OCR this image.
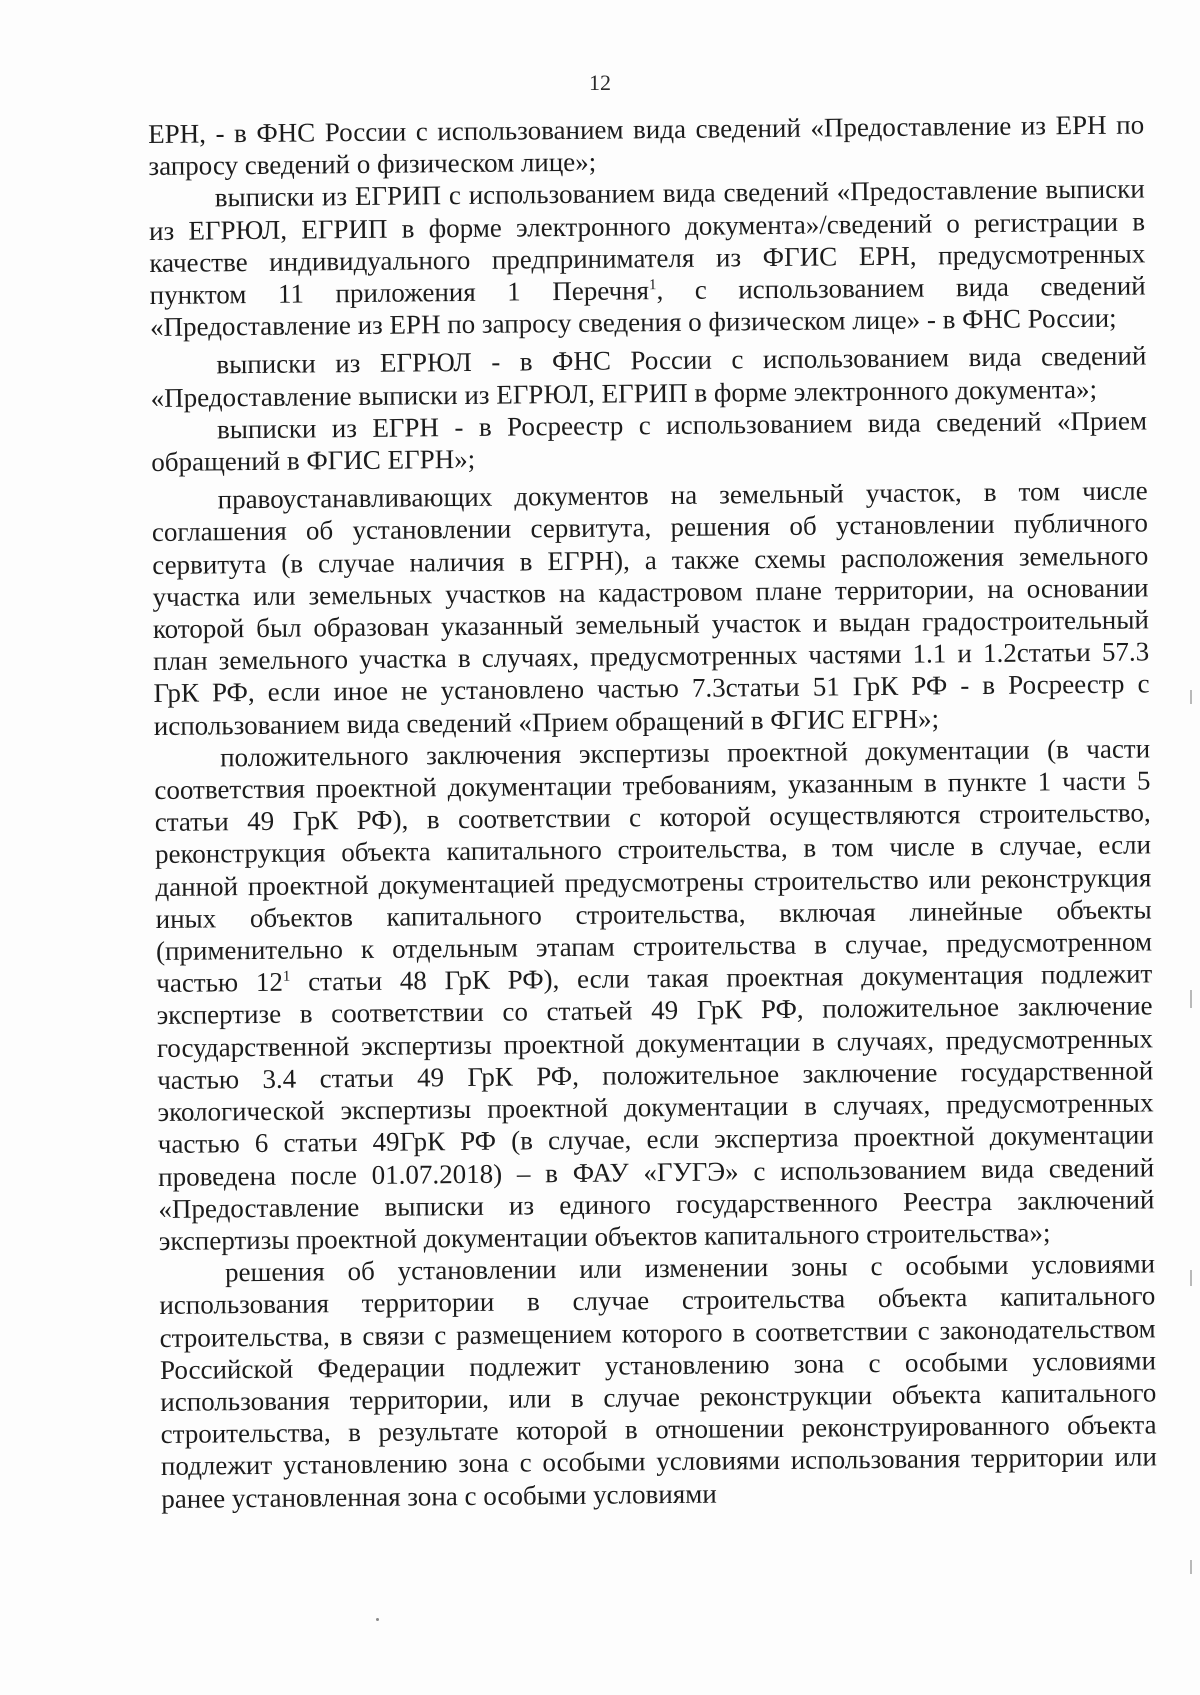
12

ЕРН, - в ФНС России с использованием вида сведений «Предоставление из ЕРН по запросу сведений о физическом лице»;

выписки из ЕГРИП с использованием вида сведений «Предоставление выписки из ЕГРЮЛ, ЕГРИП в форме электронного документа»/сведений о регистрации в качестве индивидуального предпринимателя из ФГИС ЕРН, предусмотренных пунктом 11 приложения 1 Перечня$^1$, с использованием вида сведений «Предоставление из ЕРН по запросу сведения о физическом лице» - в ФНС России;

выписки из ЕГРЮЛ - в ФНС России с использованием вида сведений «Предоставление выписки из ЕГРЮЛ, ЕГРИП в форме электронного документа»;

выписки из ЕГРН - в Росреестр с использованием вида сведений «Прием обращений в ФГИС ЕГРН»;

правоустанавливающих документов на земельный участок, в том числе соглашения об установлении сервитута, решения об установлении публичного сервитута (в случае наличия в ЕГРН), а также схемы расположения земельного участка или земельных участков на кадастровом плане территории, на основании которой был образован указанный земельный участок и выдан градостроительный план земельного участка в случаях, предусмотренных частями 1.1 и 1.2статьи 57.3 ГрК РФ, если иное не установлено частью 7.3статьи 51 ГрК РФ - в Росреестр с использованием вида сведений «Прием обращений в ФГИС ЕГРН»;

положительного заключения экспертизы проектной документации (в части соответствия проектной документации требованиям, указанным в пункте 1 части 5 статьи 49 ГрК РФ), в соответствии с которой осуществляются строительство, реконструкция объекта капитального строительства, в том числе в случае, если данной проектной документацией предусмотрены строительство или реконструкция иных объектов капитального строительства, включая линейные объекты (применительно к отдельным этапам строительства в случае, предусмотренном частью 12$^1$ статьи 48 ГрК РФ), если такая проектная документация подлежит экспертизе в соответствии со статьей 49 ГрК РФ, положительное заключение государственной экспертизы проектной документации в случаях, предусмотренных частью 3.4 статьи 49 ГрК РФ, положительное заключение государственной экологической экспертизы проектной документации в случаях, предусмотренных частью 6 статьи 49ГрК РФ (в случае, если экспертиза проектной документации проведена после 01.07.2018) – в ФАУ «ГУГЭ» с использованием вида сведений «Предоставление выписки из единого государственного Реестра заключений экспертизы проектной документации объектов капитального строительства»;

решения об установлении или изменении зоны с особыми условиями использования территории в случае строительства объекта капитального строительства, в связи с размещением которого в соответствии с законодательством Российской Федерации подлежит установлению зона с особыми условиями использования территории, или в случае реконструкции объекта капитального строительства, в результате которой в отношении реконструированного объекта подлежит установлению зона с особыми условиями использования территории или ранее установленная зона с особыми условиями
